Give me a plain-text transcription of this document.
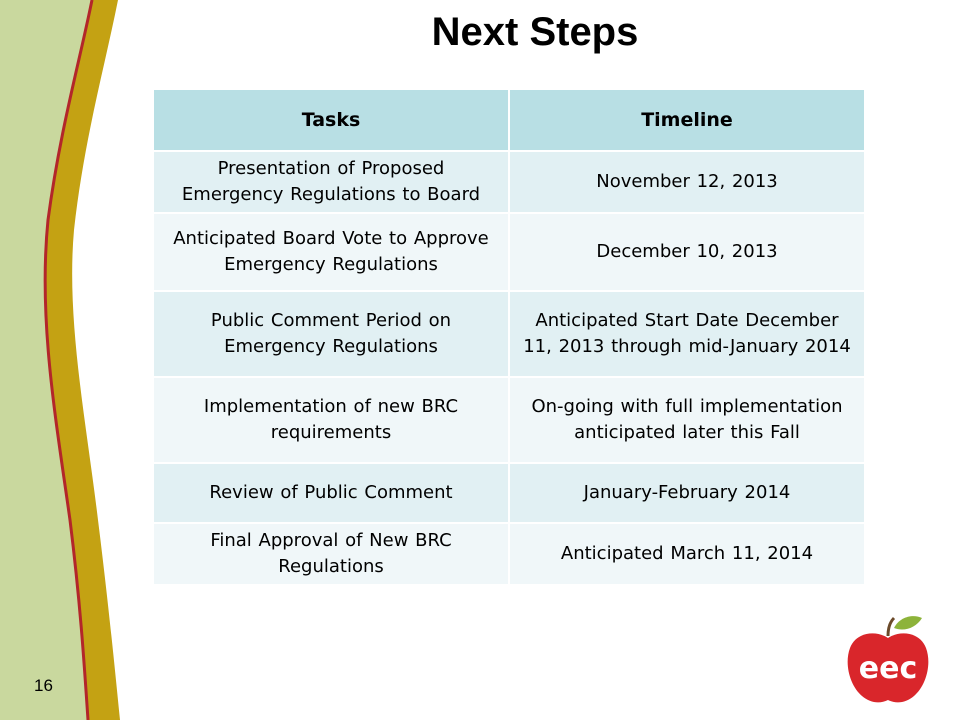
Next Steps
Tasks	Timeline
Presentation of Proposed Emergency Regulations to Board	November 12, 2013
Anticipated Board Vote to Approve Emergency Regulations	December 10, 2013
Public Comment Period on Emergency Regulations	Anticipated Start Date December 11, 2013 through mid-January 2014
Implementation of new BRC requirements	On-going with full implementation anticipated later this Fall
Review of Public Comment	January-February 2014
Final Approval of New BRC Regulations	Anticipated March 11, 2014
16	eec
